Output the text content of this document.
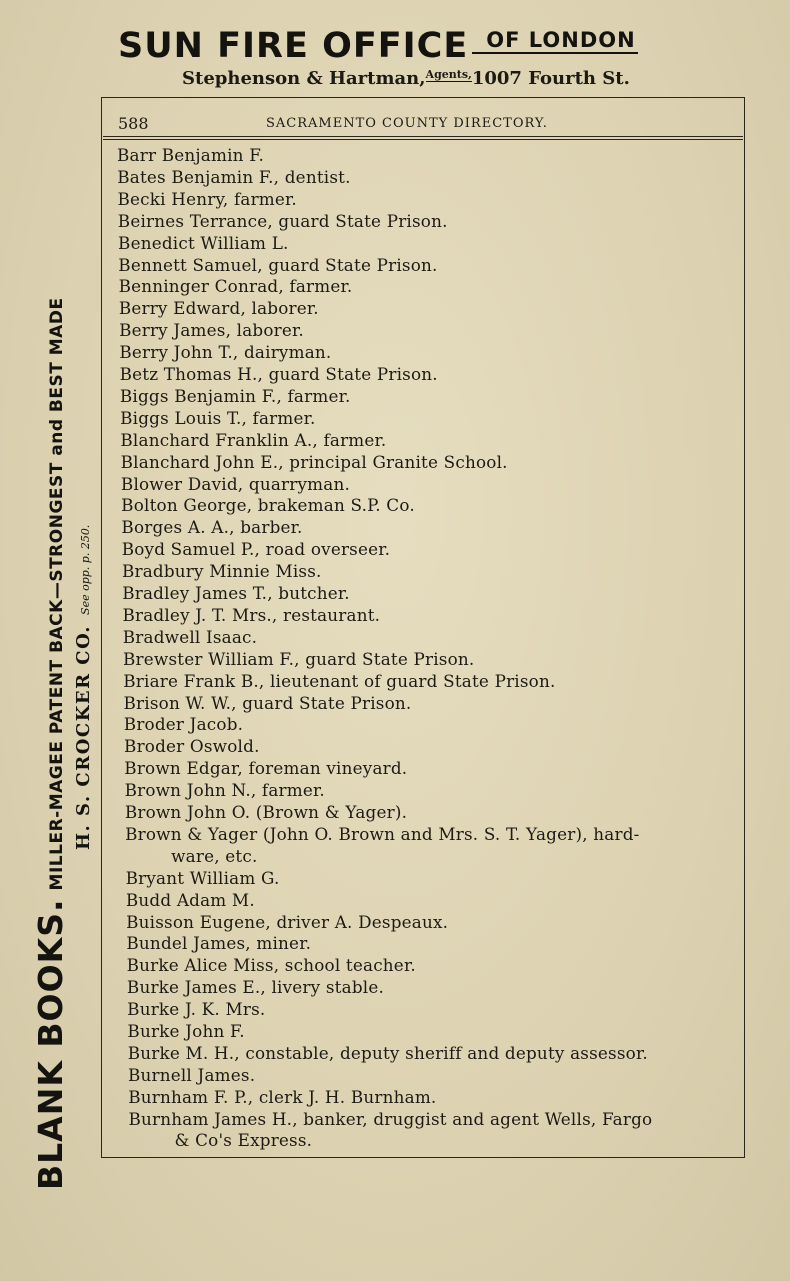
SUN FIRE OFFICE OF LONDON
Stephenson & Hartman,$^{Agents,}$1007 Fourth St.
BLANK BOOKS.MILLER-MAGEE PATENT BACK—STRONGEST and BEST MADE H. S. CROCKER CO.See opp. p. 250.
588	SACRAMENTO COUNTY DIRECTORY.
Barr Benjamin F.
Bates Benjamin F., dentist.
Becki Henry, farmer.
Beirnes Terrance, guard State Prison.
Benedict William L.
Bennett Samuel, guard State Prison.
Benninger Conrad, farmer.
Berry Edward, laborer.
Berry James, laborer.
Berry John T., dairyman.
Betz Thomas H., guard State Prison.
Biggs Benjamin F., farmer.
Biggs Louis T., farmer.
Blanchard Franklin A., farmer.
Blanchard John E., principal Granite School.
Blower David, quarryman.
Bolton George, brakeman S.P. Co.
Borges A. A., barber.
Boyd Samuel P., road overseer.
Bradbury Minnie Miss.
Bradley James T., butcher.
Bradley J. T. Mrs., restaurant.
Bradwell Isaac.
Brewster William F., guard State Prison.
Briare Frank B., lieutenant of guard State Prison.
Brison W. W., guard State Prison.
Broder Jacob.
Broder Oswold.
Brown Edgar, foreman vineyard.
Brown John N., farmer.
Brown John O. (Brown & Yager).
Brown & Yager (John O. Brown and Mrs. S. T. Yager), hard-
ware, etc.
Bryant William G.
Budd Adam M.
Buisson Eugene, driver A. Despeaux.
Bundel James, miner.
Burke Alice Miss, school teacher.
Burke James E., livery stable.
Burke J. K. Mrs.
Burke John F.
Burke M. H., constable, deputy sheriff and deputy assessor.
Burnell James.
Burnham F. P., clerk J. H. Burnham.
Burnham James H., banker, druggist and agent Wells, Fargo
& Co's Express.
